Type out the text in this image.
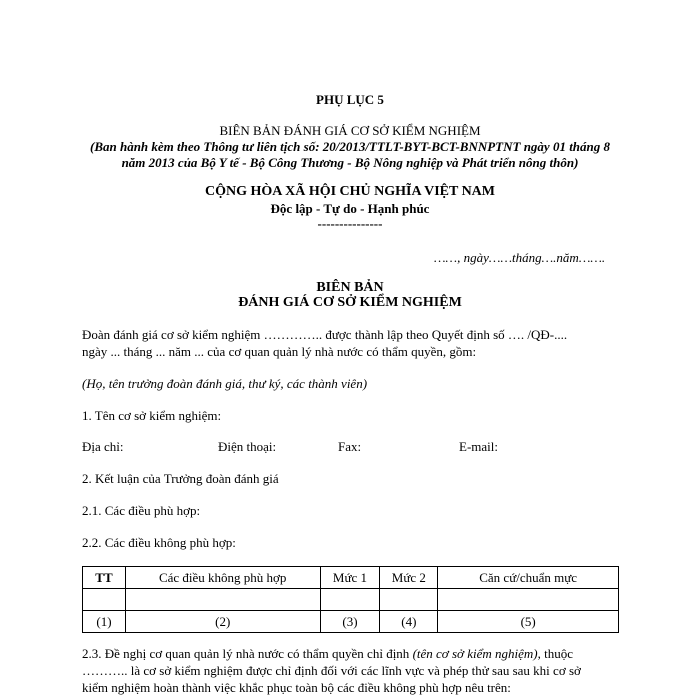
PHỤ LỤC 5
BIÊN BẢN ĐÁNH GIÁ CƠ SỞ KIỂM NGHIỆM
(Ban hành kèm theo Thông tư liên tịch số: 20/2013/TTLT-BYT-BCT-BNNPTNT ngày 01 tháng 8
năm 2013 của Bộ Y tế - Bộ Công Thương - Bộ Nông nghiệp và Phát triển nông thôn)
CỘNG HÒA XÃ HỘI CHỦ NGHĨA VIỆT NAM
Độc lập - Tự do - Hạnh phúc
---------------
……, ngày……tháng….năm…….
BIÊN BẢN
ĐÁNH GIÁ CƠ SỞ KIỂM NGHIỆM
Đoàn đánh giá cơ sở kiểm nghiệm ………….. được thành lập theo Quyết định số …. /QĐ-....
ngày ... tháng ... năm ... của cơ quan quản lý nhà nước có thẩm quyền, gồm:
(Họ, tên trưởng đoàn đánh giá, thư ký, các thành viên)
1. Tên cơ sở kiểm nghiệm:
Địa chỉ:	Điện thoại:	Fax:	E-mail:
2. Kết luận của Trưởng đoàn đánh giá
2.1. Các điều phù hợp:
2.2. Các điều không phù hợp:
TT	Các điều không phù hợp	Mức 1	Mức 2	Căn cứ/chuẩn mực

(1)	(2)	(3)	(4)	(5)
2.3. Đề nghị cơ quan quản lý nhà nước có thẩm quyền chỉ định (tên cơ sở kiểm nghiệm), thuộc
……….. là cơ sở kiểm nghiệm được chỉ định đối với các lĩnh vực và phép thử sau sau khi cơ sở
kiểm nghiệm hoàn thành việc khắc phục toàn bộ các điều không phù hợp nêu trên:
